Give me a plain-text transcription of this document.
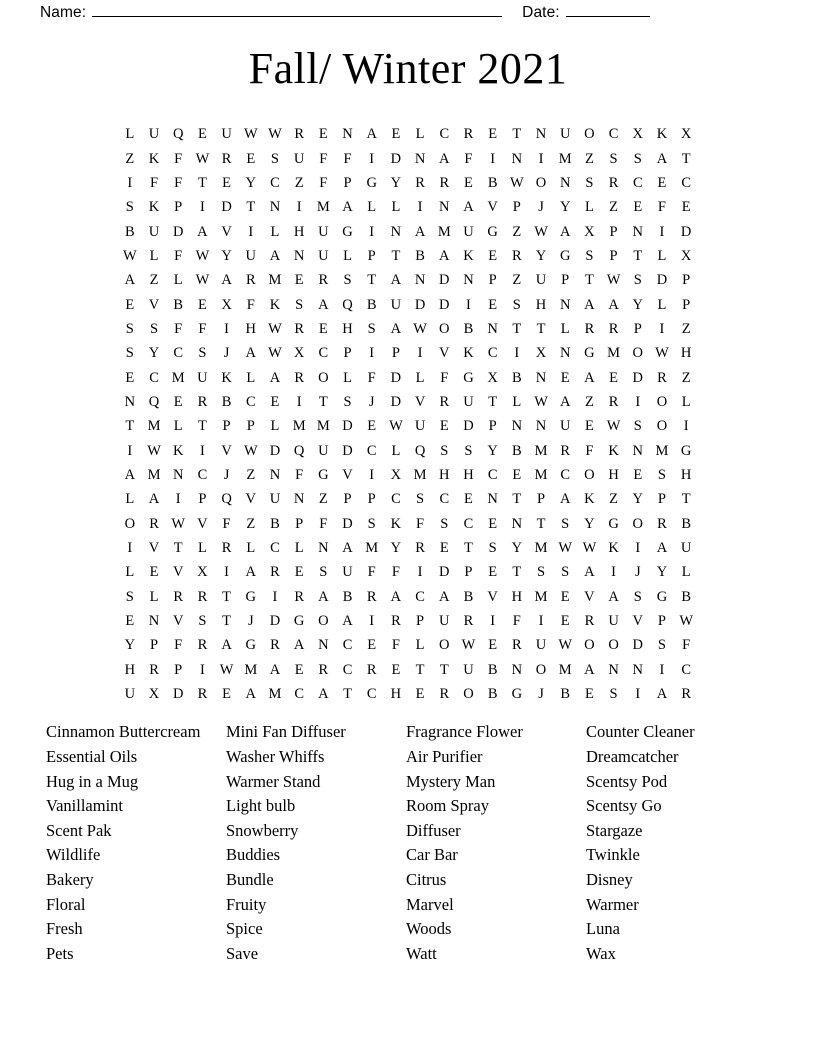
Name:	Date:
Fall/ Winter 2021
L	U	Q	E	U	W	W	R	E	N	A	E	L	C	R	E	T	N	U	O	C	X	K	X
Z	K	F	W	R	E	S	U	F	F	I	D	N	A	F	I	N	I	M	Z	S	S	A	T
I	F	F	T	E	Y	C	Z	F	P	G	Y	R	R	E	B	W	O	N	S	R	C	E	C
S	K	P	I	D	T	N	I	M	A	L	L	I	N	A	V	P	J	Y	L	Z	E	F	E
B	U	D	A	V	I	L	H	U	G	I	N	A	M	U	G	Z	W	A	X	P	N	I	D
W	L	F	W	Y	U	A	N	U	L	P	T	B	A	K	E	R	Y	G	S	P	T	L	X
A	Z	L	W	A	R	M	E	R	S	T	A	N	D	N	P	Z	U	P	T	W	S	D	P
E	V	B	E	X	F	K	S	A	Q	B	U	D	D	I	E	S	H	N	A	A	Y	L	P
S	S	F	F	I	H	W	R	E	H	S	A	W	O	B	N	T	T	L	R	R	P	I	Z
S	Y	C	S	J	A	W	X	C	P	I	P	I	V	K	C	I	X	N	G	M	O	W	H
E	C	M	U	K	L	A	R	O	L	F	D	L	F	G	X	B	N	E	A	E	D	R	Z
N	Q	E	R	B	C	E	I	T	S	J	D	V	R	U	T	L	W	A	Z	R	I	O	L
T	M	L	T	P	P	L	M	M	D	E	W	U	E	D	P	N	N	U	E	W	S	O	I
I	W	K	I	V	W	D	Q	U	D	C	L	Q	S	S	Y	B	M	R	F	K	N	M	G
A	M	N	C	J	Z	N	F	G	V	I	X	M	H	H	C	E	M	C	O	H	E	S	H
L	A	I	P	Q	V	U	N	Z	P	P	C	S	C	E	N	T	P	A	K	Z	Y	P	T
O	R	W	V	F	Z	B	P	F	D	S	K	F	S	C	E	N	T	S	Y	G	O	R	B
I	V	T	L	R	L	C	L	N	A	M	Y	R	E	T	S	Y	M	W	W	K	I	A	U
L	E	V	X	I	A	R	E	S	U	F	F	I	D	P	E	T	S	S	A	I	J	Y	L
S	L	R	R	T	G	I	R	A	B	R	A	C	A	B	V	H	M	E	V	A	S	G	B
E	N	V	S	T	J	D	G	O	A	I	R	P	U	R	I	F	I	E	R	U	V	P	W
Y	P	F	R	A	G	R	A	N	C	E	F	L	O	W	E	R	U	W	O	O	D	S	F
H	R	P	I	W	M	A	E	R	C	R	E	T	T	U	B	N	O	M	A	N	N	I	C
U	X	D	R	E	A	M	C	A	T	C	H	E	R	O	B	G	J	B	E	S	I	A	R
Cinnamon Buttercream
Essential Oils
Hug in a Mug
Vanillamint
Scent Pak
Wildlife
Bakery
Floral
Fresh
Pets
Mini Fan Diffuser
Washer Whiffs
Warmer Stand
Light bulb
Snowberry
Buddies
Bundle
Fruity
Spice
Save
Fragrance Flower
Air Purifier
Mystery Man
Room Spray
Diffuser
Car Bar
Citrus
Marvel
Woods
Watt
Counter Cleaner
Dreamcatcher
Scentsy Pod
Scentsy Go
Stargaze
Twinkle
Disney
Warmer
Luna
Wax
